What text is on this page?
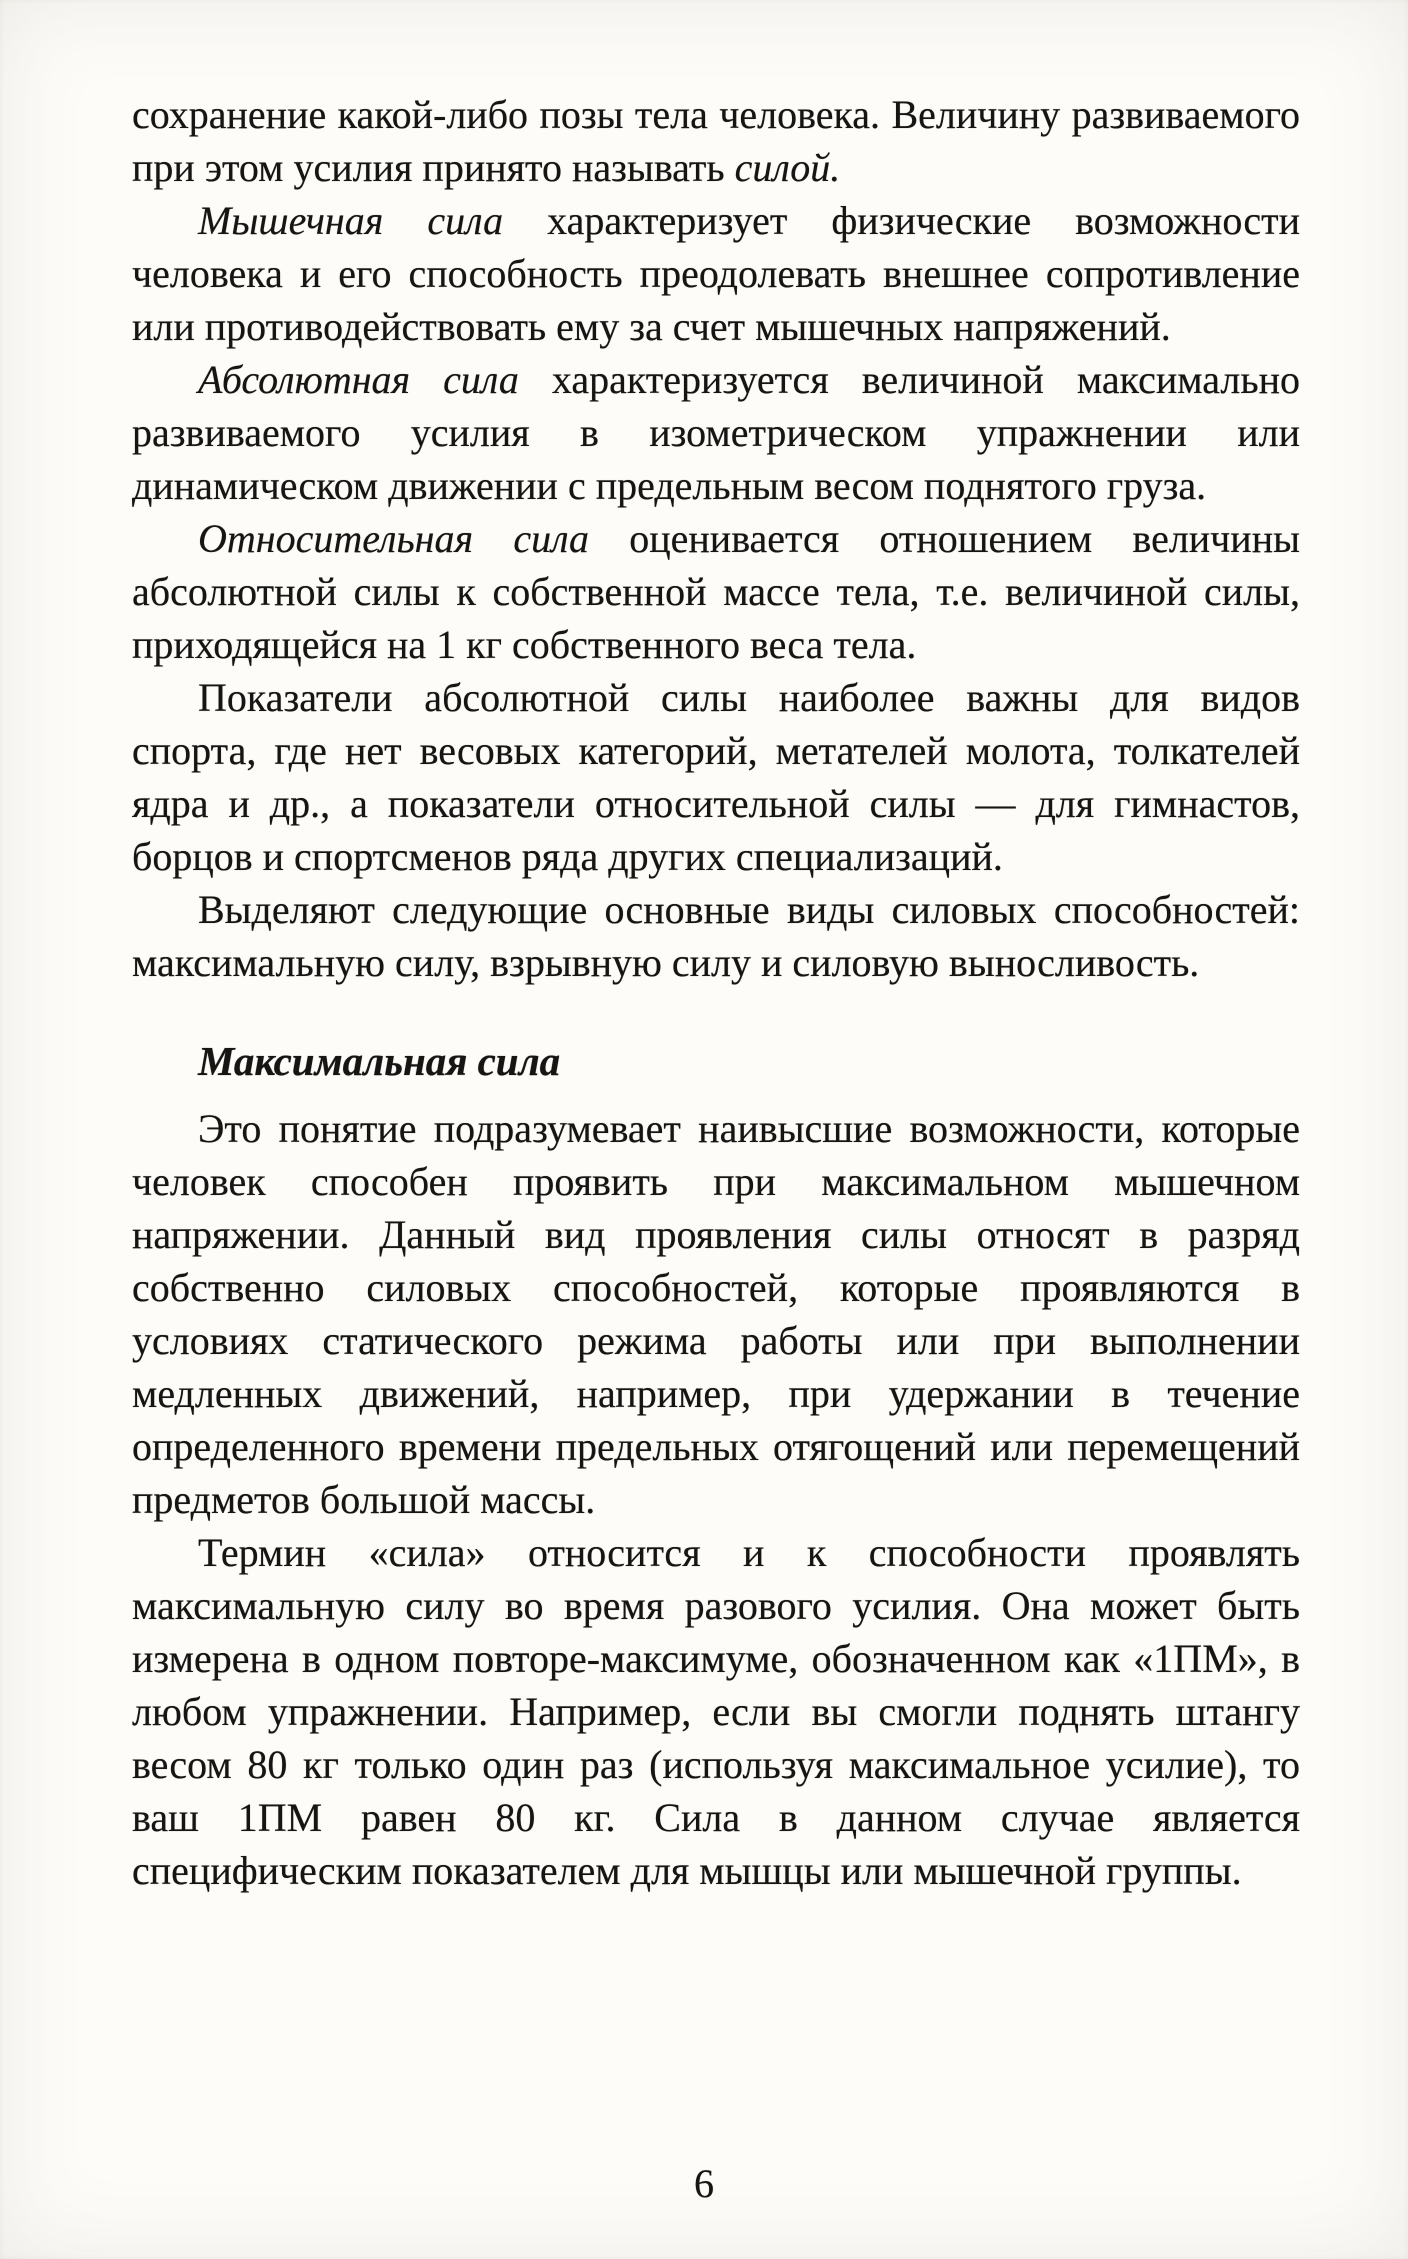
сохранение какой-либо позы тела человека. Величину развиваемого при этом усилия принято называть силой.

Мышечная сила характеризует физические возможности человека и его способность преодолевать внешнее сопротивление или противодействовать ему за счет мышечных напряжений.

Абсолютная сила характеризуется величиной максимально развиваемого усилия в изометрическом упражнении или динамическом движении с предельным весом поднятого груза.

Относительная сила оценивается отношением величины абсолютной силы к собственной массе тела, т.е. величиной силы, приходящейся на 1 кг собственного веса тела.

Показатели абсолютной силы наиболее важны для видов спорта, где нет весовых категорий, метателей молота, толкателей ядра и др., а показатели относительной силы — для гимнастов, борцов и спортсменов ряда других специализаций.

Выделяют следующие основные виды силовых способностей: максимальную силу, взрывную силу и силовую выносливость.

Максимальная сила

Это понятие подразумевает наивысшие возможности, которые человек способен проявить при максимальном мышечном напряжении. Данный вид проявления силы относят в разряд собственно силовых способностей, которые проявляются в условиях статического режима работы или при выполнении медленных движений, например, при удержании в течение определенного времени предельных отягощений или перемещений предметов большой массы.

Термин «сила» относится и к способности проявлять максимальную силу во время разового усилия. Она может быть измерена в одном повторе-максимуме, обозначенном как «1ПМ», в любом упражнении. Например, если вы смогли поднять штангу весом 80 кг только один раз (используя максимальное усилие), то ваш 1ПМ равен 80 кг. Сила в данном случае является специфическим показателем для мышцы или мышечной группы.

6
